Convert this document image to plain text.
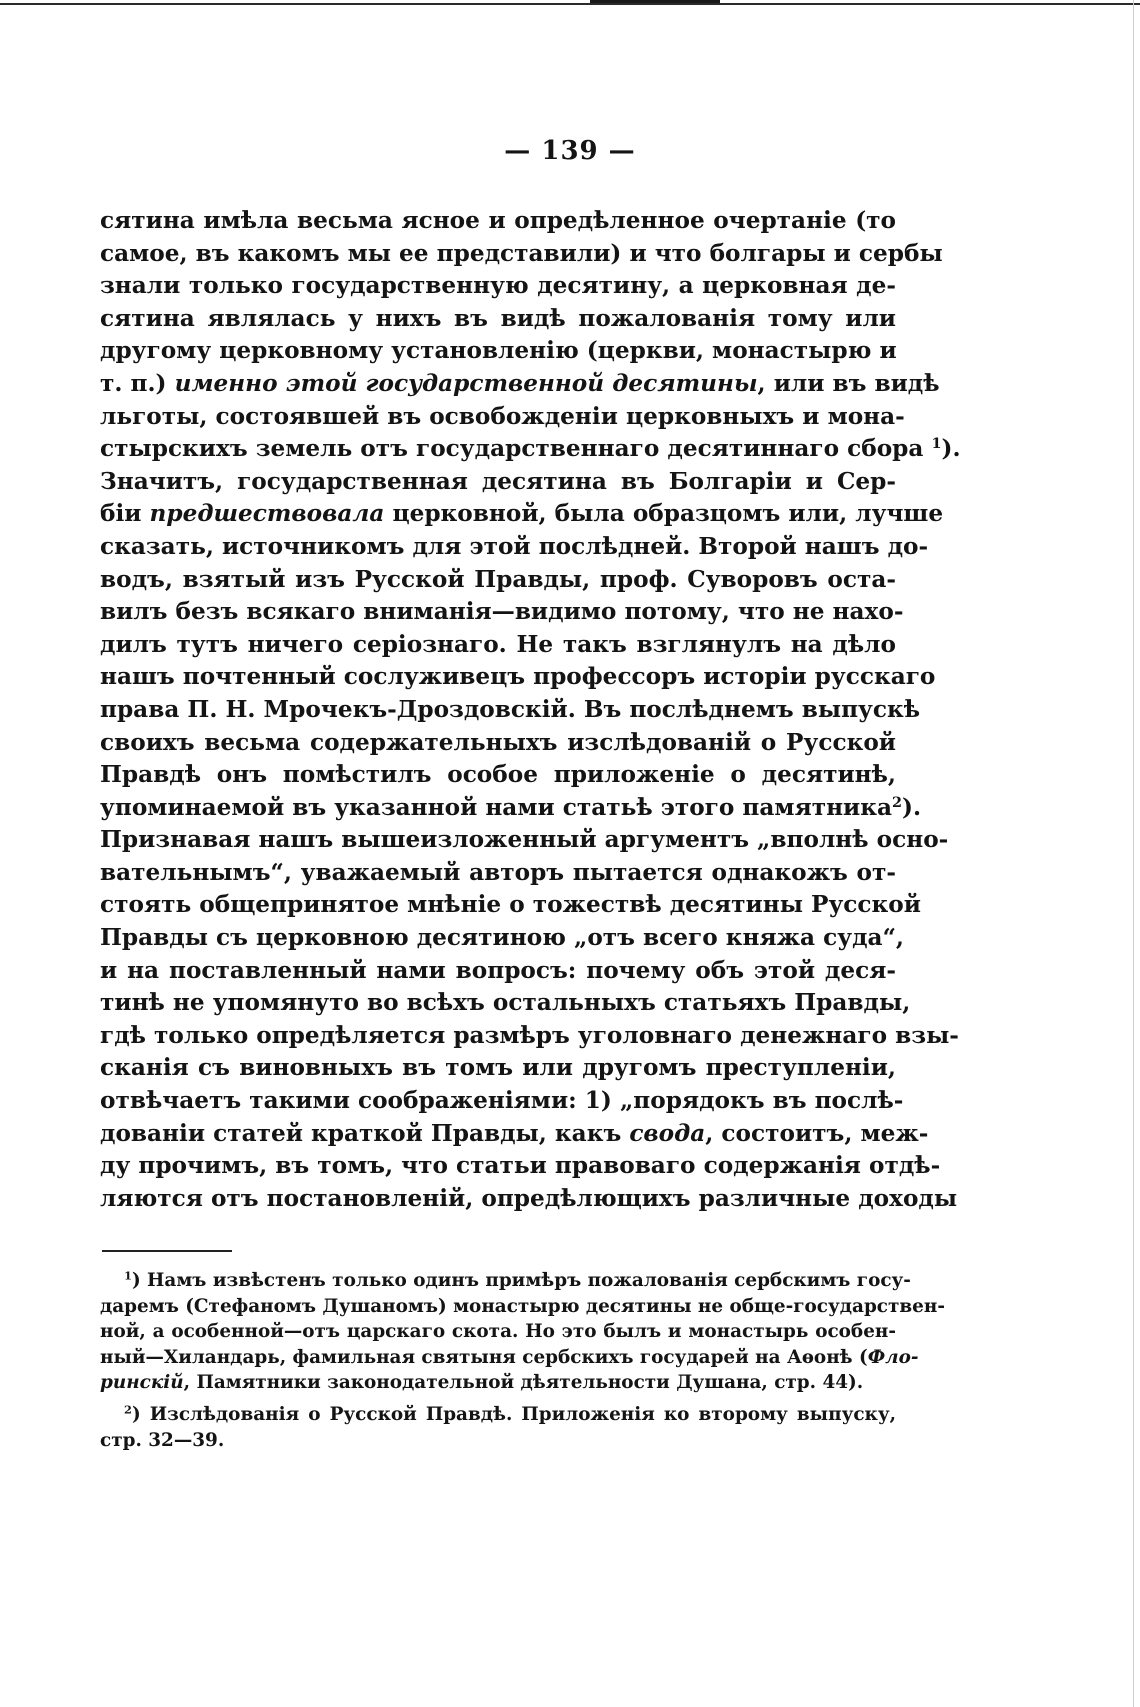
— 139 —
сятина имѣла весьма ясное и опредѣленное очертаніе (то
самое, въ какомъ мы ее представили) и что болгары и сербы
знали только государственную десятину, а церковная де-
сятина являлась у нихъ въ видѣ пожалованія тому или
другому церковному установленію (церкви, монастырю и
т. п.) именно этой государственной десятины, или въ видѣ
льготы, состоявшей въ освобожденіи церковныхъ и мона-
стырскихъ земель отъ государственнаго десятиннаго сбора $^1$).
Значитъ, государственная десятина въ Болгаріи и Сер-
біи предшествовала церковной, была образцомъ или, лучше
сказать, источникомъ для этой послѣдней. Второй нашъ до-
водъ, взятый изъ Русской Правды, проф. Суворовъ оста-
вилъ безъ всякаго вниманія—видимо потому, что не нахо-
дилъ тутъ ничего серіознаго. Не такъ взглянулъ на дѣло
нашъ почтенный сослуживецъ профессоръ исторіи русскаго
права П. Н. Мрочекъ-Дроздовскій. Въ послѣднемъ выпускѣ
своихъ весьма содержательныхъ изслѣдованій о Русской
Правдѣ онъ помѣстилъ особое приложеніе о десятинѣ,
упоминаемой въ указанной нами статьѣ этого памятника$^2$).
Признавая нашъ вышеизложенный аргументъ „вполнѣ осно-
вательнымъ“, уважаемый авторъ пытается однакожъ от-
стоять общепринятое мнѣніе о тожествѣ десятины Русской
Правды съ церковною десятиною „отъ всего княжа суда“,
и на поставленный нами вопросъ: почему объ этой деся-
тинѣ не упомянуто во всѣхъ остальныхъ статьяхъ Правды,
гдѣ только опредѣляется размѣръ уголовнаго денежнаго взы-
сканія съ виновныхъ въ томъ или другомъ преступленіи,
отвѣчаетъ такими соображеніями: 1) „порядокъ въ послѣ-
дованіи статей краткой Правды, какъ свода, состоитъ, меж-
ду прочимъ, въ томъ, что статьи правоваго содержанія отдѣ-
ляются отъ постановленій, опредѣлющихъ различные доходы
$^1$) Намъ извѣстенъ только одинъ примѣръ пожалованія сербскимъ госу-
даремъ (Стефаномъ Душаномъ) монастырю десятины не обще-государствен-
ной, а особенной—отъ царскаго скота. Но это былъ и монастырь особен-
ный—Хиландарь, фамильная святыня сербскихъ государей на Аѳонѣ (Фло-
ринскій, Памятники законодательной дѣятельности Душана, стр. 44).
$^2$) Изслѣдованія о Русской Правдѣ. Приложенія ко второму выпуску,
стр. 32—39.
